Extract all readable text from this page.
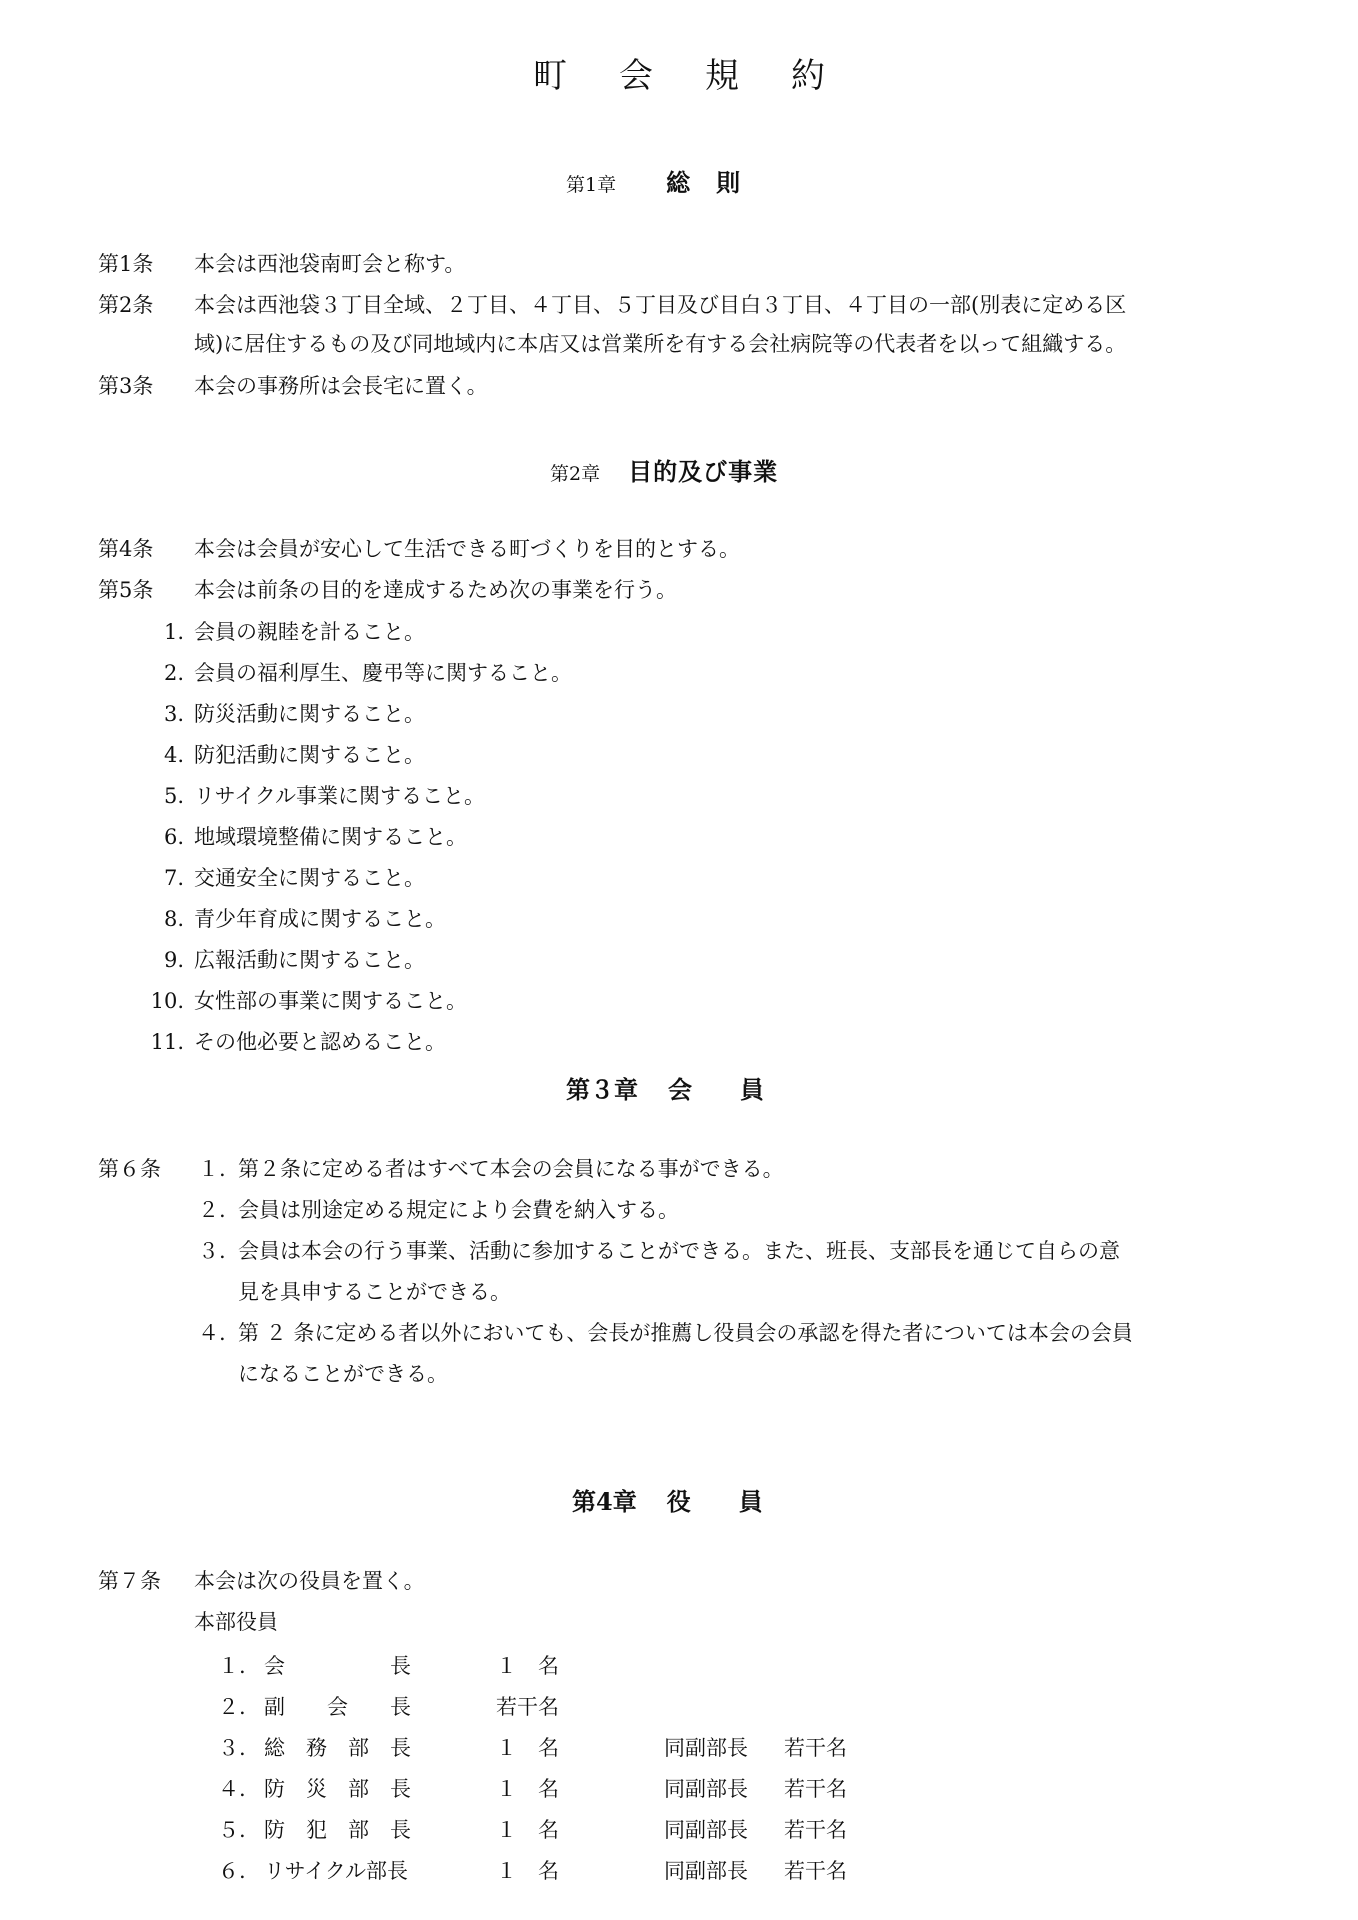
町会規約
第1章 総則
第1条 本会は西池袋南町会と称す。
第2条 本会は西池袋３丁目全域、２丁目、４丁目、５丁目及び目白３丁目、４丁目の一部(別表に定める区
域)に居住するもの及び同地域内に本店又は営業所を有する会社病院等の代表者を以って組織する。
第3条 本会の事務所は会長宅に置く。
第2章 目的及び事業
第4条 本会は会員が安心して生活できる町づくりを目的とする。
第5条 本会は前条の目的を達成するため次の事業を行う。
1. 会員の親睦を計ること。
2. 会員の福利厚生、慶弔等に関すること。
3. 防災活動に関すること。
4. 防犯活動に関すること。
5. リサイクル事業に関すること。
6. 地域環境整備に関すること。
7. 交通安全に関すること。
8. 青少年育成に関すること。
9. 広報活動に関すること。
10. 女性部の事業に関すること。
11. その他必要と認めること。
第３章 会　　員
第６条 １. 第２条に定める者はすべて本会の会員になる事ができる。
２. 会員は別途定める規定により会費を納入する。
３. 会員は本会の行う事業、活動に参加することができる。また、班長、支部長を通じて自らの意
見を具申することができる。
４. 第 ２ 条に定める者以外においても、会長が推薦し役員会の承認を得た者については本会の会員
になることができる。
第4章 役　　員
第７条 本会は次の役員を置く。
本部役員
１.	会　　　　　長	１　名		
２.	副　　会　　長	若干名		
３.	総　務　部　長	１　名	同副部長	若干名
４.	防　災　部　長	１　名	同副部長	若干名
５.	防　犯　部　長	１　名	同副部長	若干名
６.	リサイクル部長	１　名	同副部長	若干名
